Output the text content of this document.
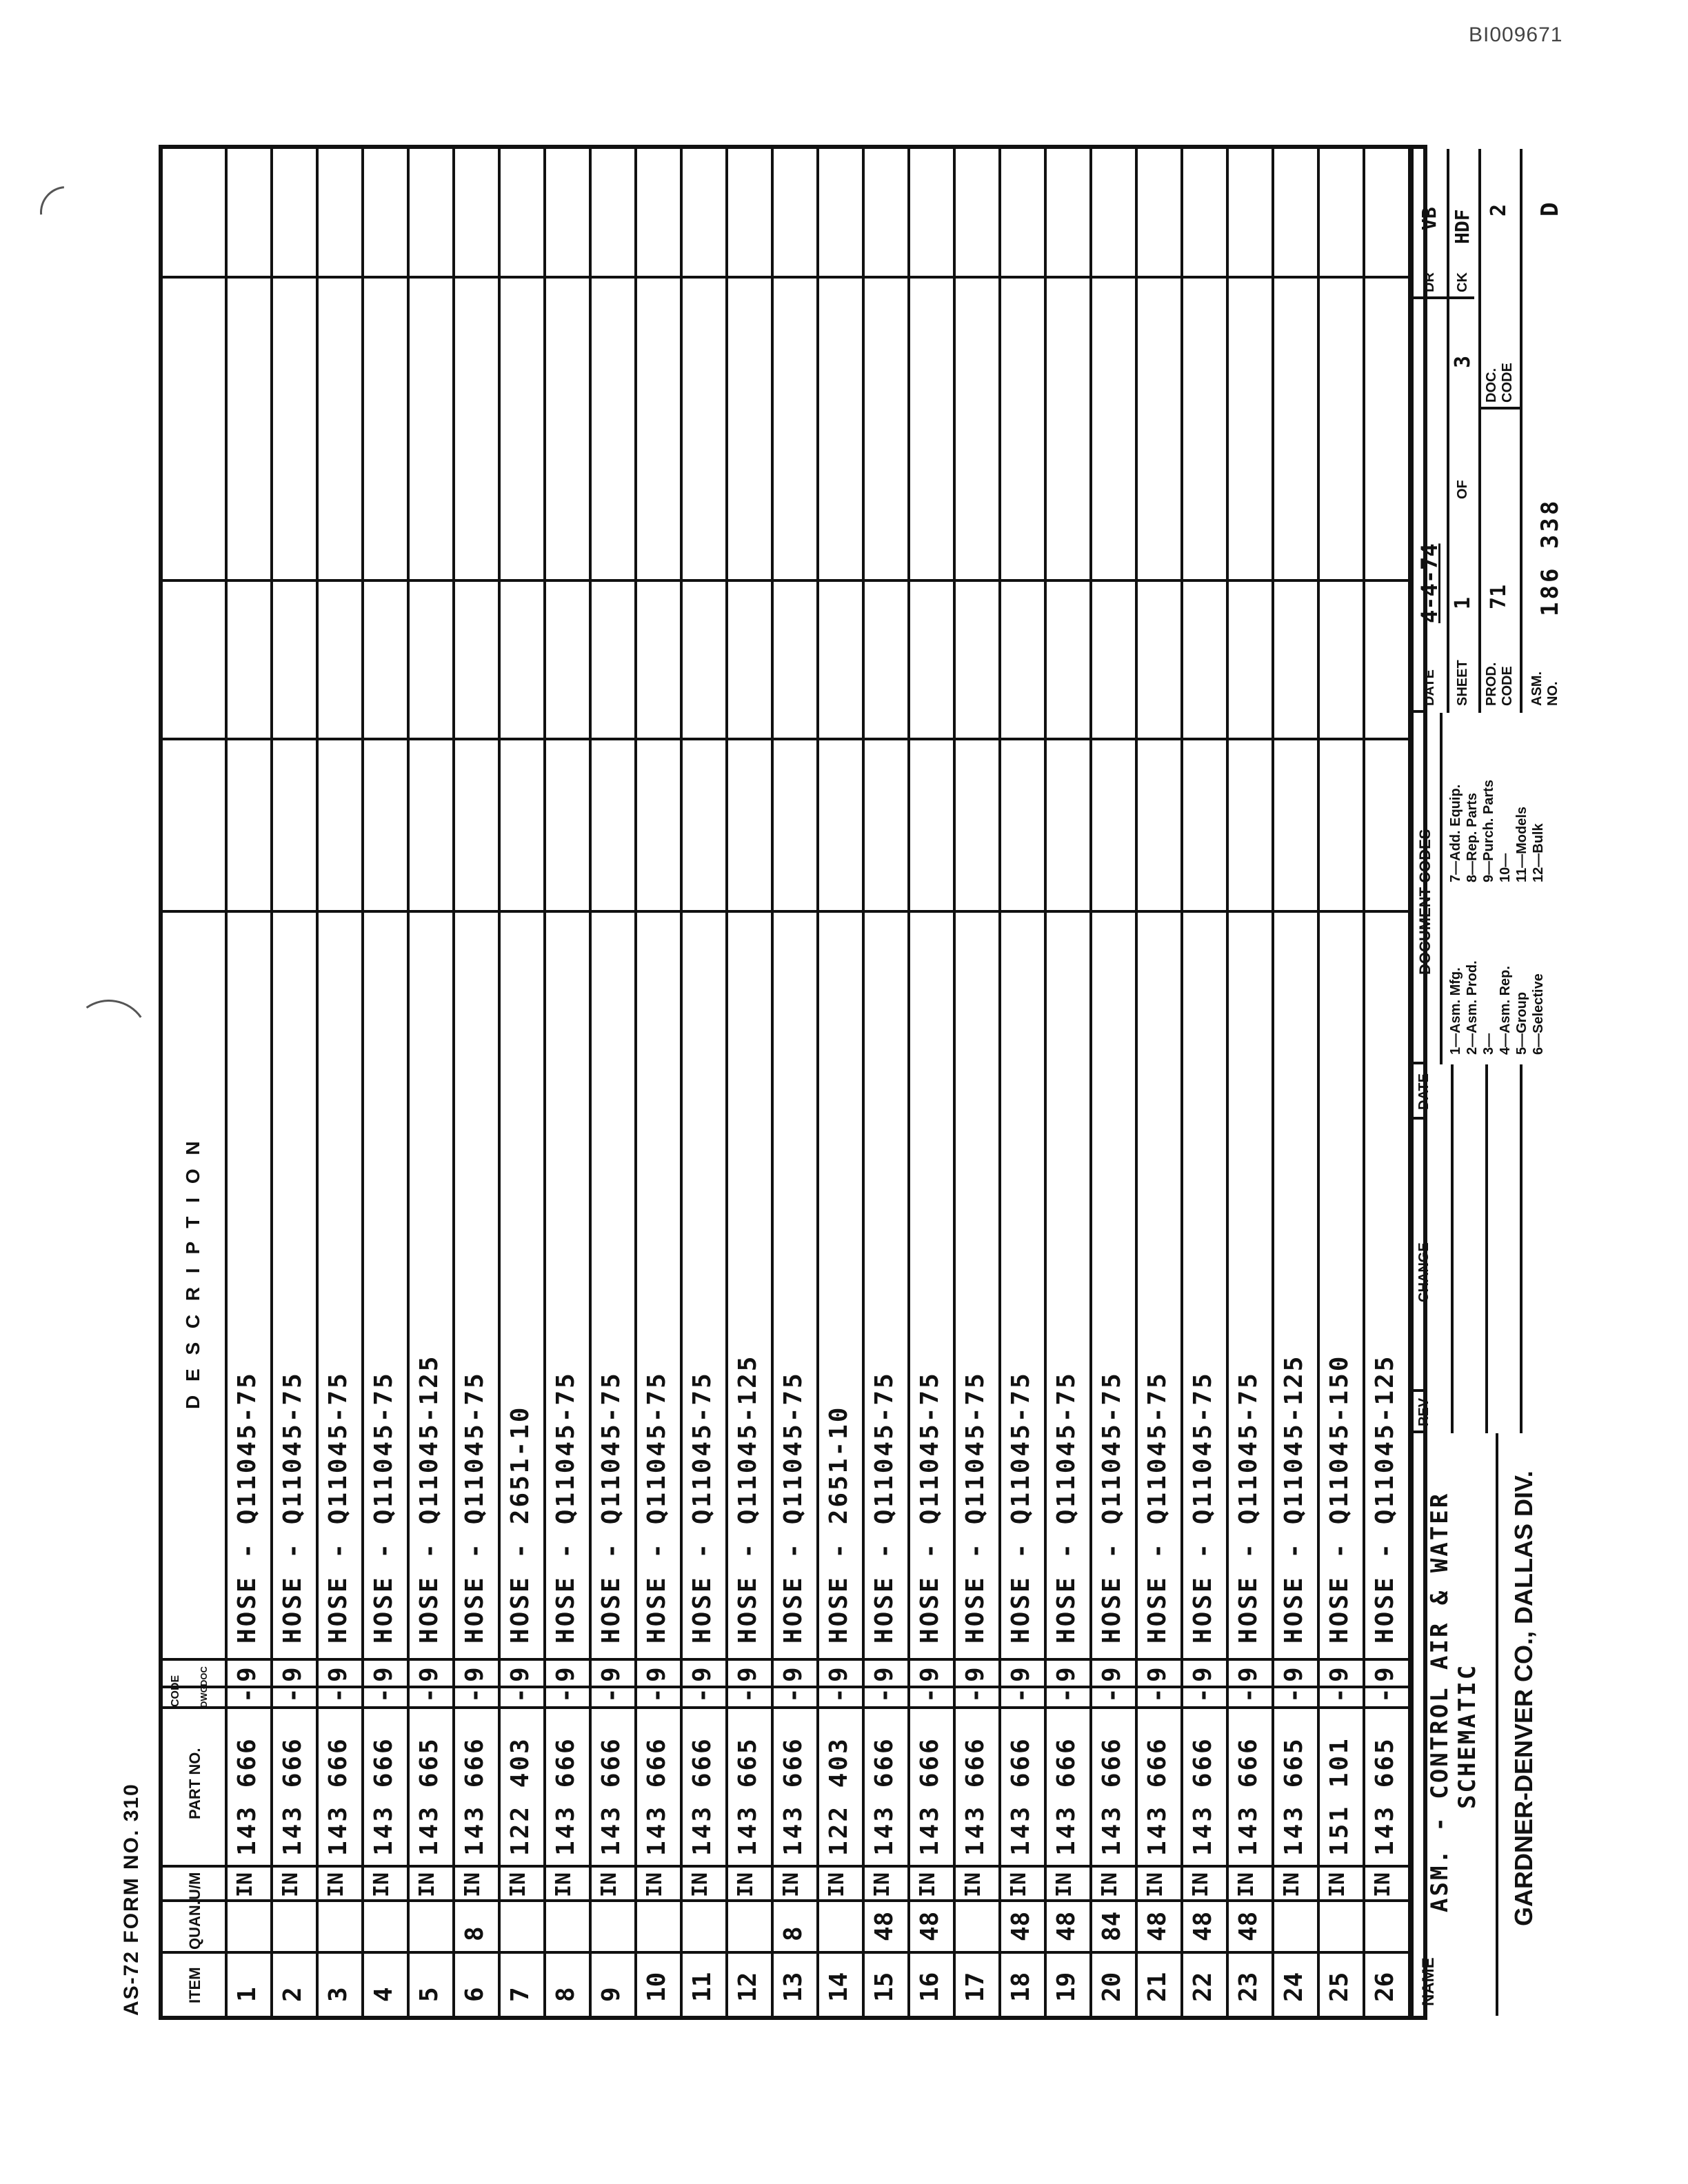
BI009671
AS-72 FORM NO. 310	ITEM
QUAN.
U/M
PART NO.
CODE DWG
DOC
D E S C R I P T I O N
1
IN
143 666
-
9
HOSE - Q11045-75
2
IN
143 666
-
9
HOSE - Q11045-75
3
IN
143 666
-
9
HOSE - Q11045-75
4
IN
143 666
-
9
HOSE - Q11045-75
5
IN
143 665
-
9
HOSE - Q11045-125
6
8
IN
143 666
-
9
HOSE - Q11045-75
7
IN
122 403
-
9
HOSE - 2651-10
8
IN
143 666
-
9
HOSE - Q11045-75
9
IN
143 666
-
9
HOSE - Q11045-75
10
IN
143 666
-
9
HOSE - Q11045-75
11
IN
143 666
-
9
HOSE - Q11045-75
12
IN
143 665
-
9
HOSE - Q11045-125
13
8
IN
143 666
-
9
HOSE - Q11045-75
14
IN
122 403
-
9
HOSE - 2651-10
15
48
IN
143 666
-
9
HOSE - Q11045-75
16
48
IN
143 666
-
9
HOSE - Q11045-75
17
IN
143 666
-
9
HOSE - Q11045-75
18
48
IN
143 666
-
9
HOSE - Q11045-75
19
48
IN
143 666
-
9
HOSE - Q11045-75
20
84
IN
143 666
-
9
HOSE - Q11045-75
21
48
IN
143 666
-
9
HOSE - Q11045-75
22
48
IN
143 666
-
9
HOSE - Q11045-75
23
48
IN
143 666
-
9
HOSE - Q11045-75
24
IN
143 665
-
9
HOSE - Q11045-125
25
IN
151 101
-
9
HOSE - Q11045-150
26
IN
143 665
-
9
HOSE - Q11045-125
NAME
ASM. - CONTROL AIR & WATER SCHEMATIC GARDNER-DENVER CO., DALLAS DIV.
REV
CHANGE
DATE
DOCUMENT CODES
1—Asm. Mfg. 2—Asm. Prod. 3— 4—Asm. Rep. 5—Group 6—Selective
7—Add. Equip. 8—Rep. Parts 9—Purch. Parts 10— 11—Models 12—Bulk
DATE
4-4-74
DR
VB
SHEET
1
OF
3
CK
HDF
PROD. CODE
71
DOC. CODE
2
ASM. NO.
186 338
D
